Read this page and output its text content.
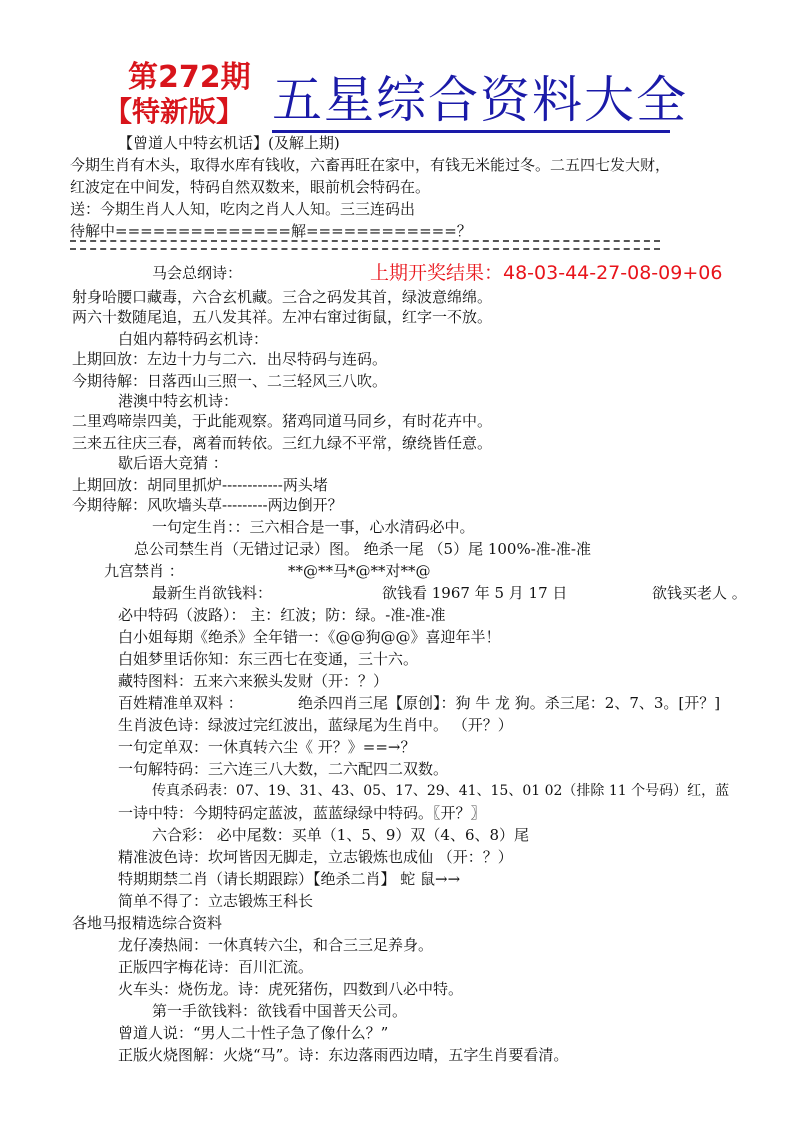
第272期
【特新版】 五星综合资料大全
【曾道人中特玄机话】(及解上期)
今期生肖有木头，取得水库有钱收，六畜再旺在家中，有钱无米能过冬。二五四七发大财，
红波定在中间发，特码自然双数来，眼前机会特码在。
送：今期生肖人人知，吃肉之肖人人知。三三连码出
待解中==============解============？
马会总纲诗：	上期开奖结果：48-03-44-27-08-09+06
射身哈腰口藏毒，六合玄机藏。三合之码发其首，绿波意绵绵。
两六十数随尾追，五八发其祥。左冲右窜过街鼠，红字一不放。
白姐内幕特码玄机诗：
上期回放：左边十力与二六．出尽特码与连码。
今期待解：日落西山三照一、二三轻风三八吹。
港澳中特玄机诗：
二里鸡啼崇四美，于此能观察。猪鸡同道马同乡，有时花卉中。
三来五往庆三春，离着而转依。三红九绿不平常，缭绕皆任意。
歇后语大竞猜 ：
上期回放：胡同里抓炉------------两头堵
今期待解：风吹墙头草---------两边倒开？
一句定生肖：：三六相合是一事，心水清码必中。
总公司禁生肖（无错过记录）图。 绝杀一尾 （5）尾 100%-准-准-准
九宫禁肖 ：	**@**马*@**对**@
最新生肖欲钱料：	欲钱看 1967 年 5 月 17 日	欲钱买老人 。
必中特码（波路）： 主：红波；防：绿。-准-准-准
白小姐每期《绝杀》全年错一：《@@狗@@》喜迎年半！
白姐梦里话你知：东三西七在变通，三十六。
藏特图料：五来六来猴头发财（开：？）
百姓精准单双料 ：	绝杀四肖三尾【原创】：狗 牛 龙 狗。杀三尾：2、7、3。[开？]
生肖波色诗：绿波过完红波出，蓝绿尾为生肖中。 （开？）
一句定单双：一休真转六尘《 开？》==→？
一句解特码：三六连三八大数，二六配四二双数。
传真杀码表：07、19、31、43、05、17、29、41、15、01 02（排除 11 个号码）红，蓝
一诗中特：今期特码定蓝波，蓝蓝绿绿中特码。〖开？〗
六合彩： 必中尾数：买单（1、5、9）双（4、6、8）尾
精准波色诗：坎坷皆因无脚走，立志锻炼也成仙 （开：？）
特期期禁二肖（请长期跟踪）【绝杀二肖】 蛇 鼠→→
简单不得了：立志锻炼王科长
各地马报精选综合资料
龙仔凑热闹：一休真转六尘，和合三三足养身。
正版四字梅花诗：百川汇流。
火车头：烧伤龙。诗：虎死猪伤，四数到八必中特。
第一手欲钱料：欲钱看中国普天公司。
曾道人说：“男人二十性子急了像什么？”
正版火烧图解：火烧“马”。诗：东边落雨西边晴，五字生肖要看清。
